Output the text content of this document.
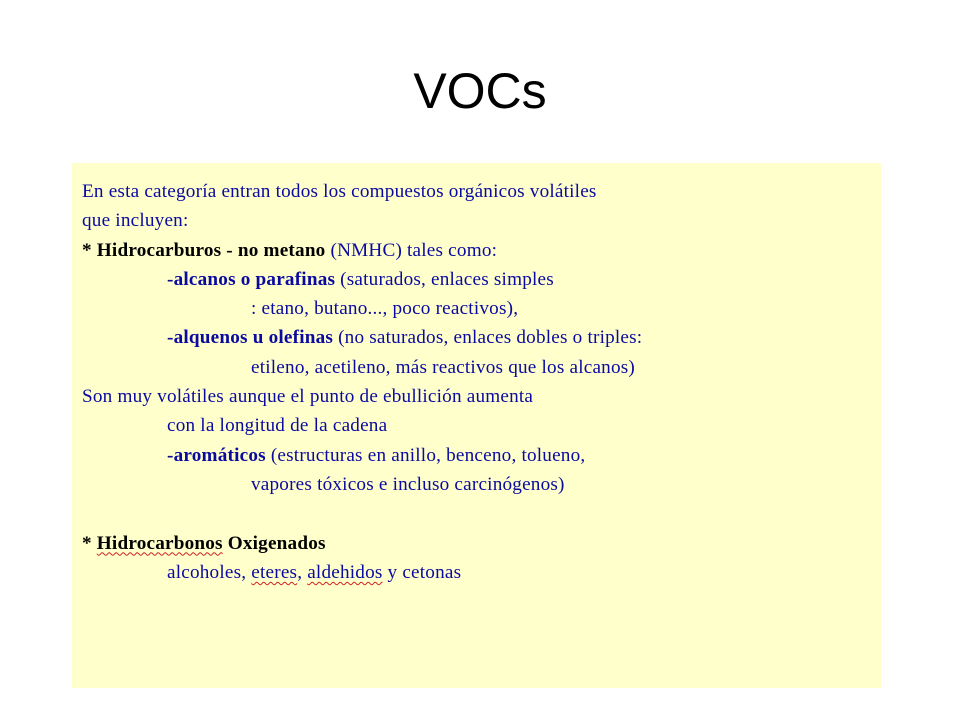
VOCs
En esta categoría entran todos los compuestos orgánicos volátiles
que incluyen:
* Hidrocarburos - no metano (NMHC) tales como:
-alcanos o parafinas (saturados, enlaces simples
: etano, butano..., poco reactivos),
-alquenos u olefinas (no saturados, enlaces dobles o triples:
etileno, acetileno, más reactivos que los alcanos)
Son muy volátiles aunque el punto de ebullición aumenta
con la longitud de la cadena
-aromáticos (estructuras en anillo, benceno, tolueno,
vapores tóxicos e incluso carcinógenos)
* Hidrocarbonos Oxigenados
alcoholes, eteres, aldehidos y cetonas
